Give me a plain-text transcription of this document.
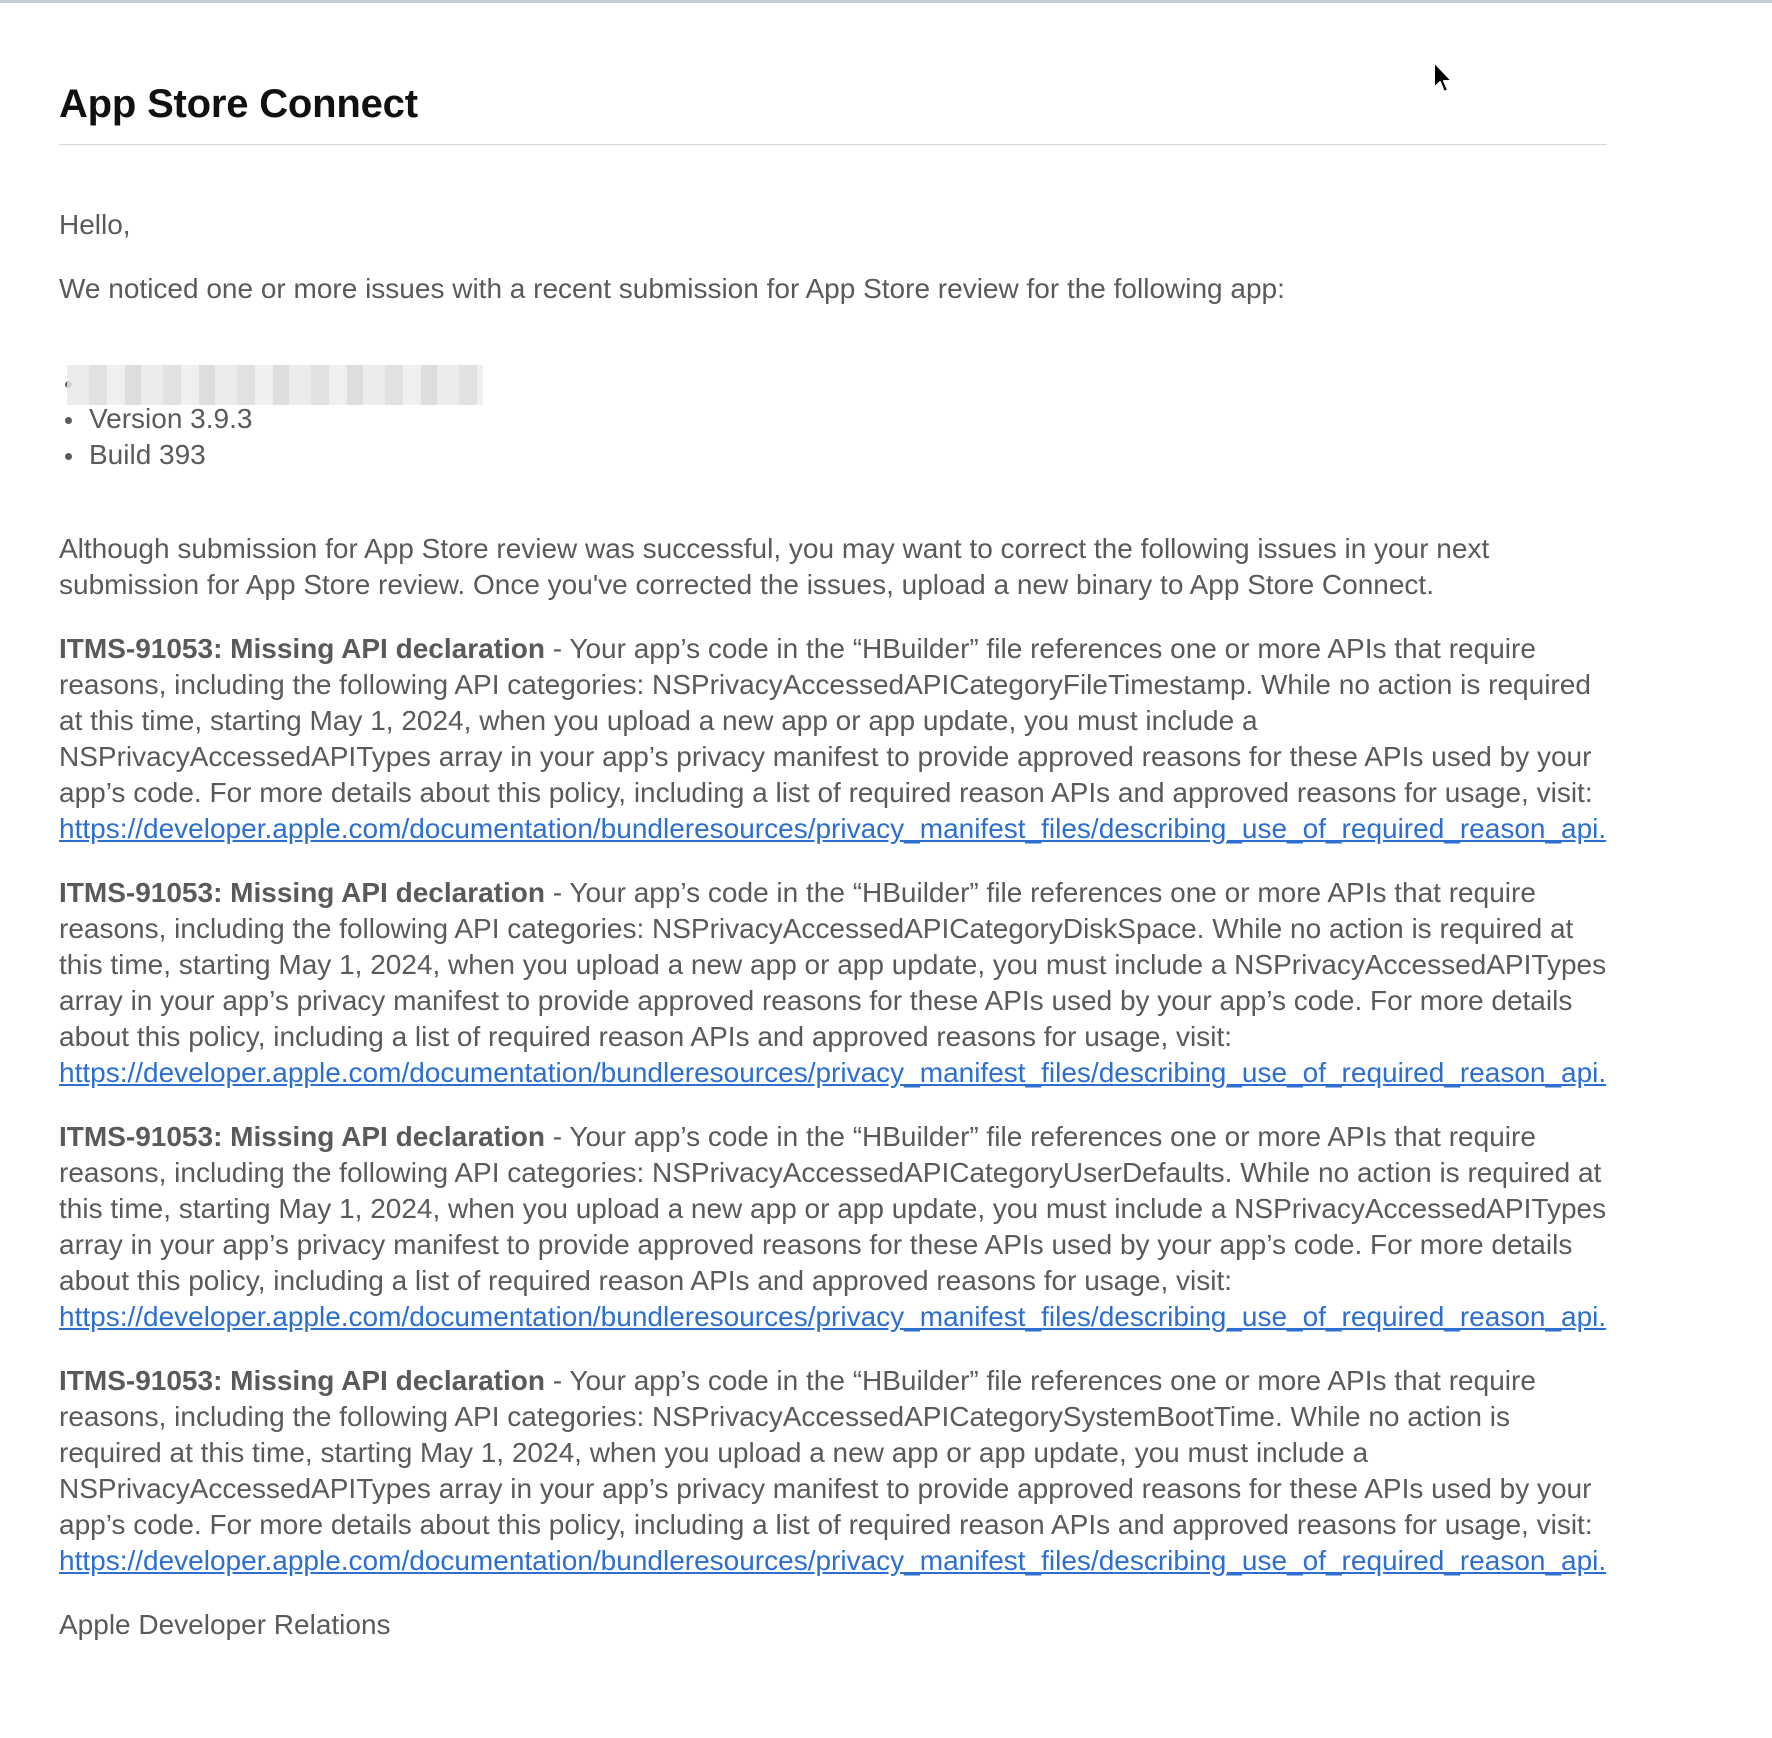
App Store Connect

Hello,

We noticed one or more issues with a recent submission for App Store review for the following app:

Version 3.9.3
Build 393

Although submission for App Store review was successful, you may want to correct the following issues in your next submission for App Store review. Once you've corrected the issues, upload a new binary to App Store Connect.

ITMS-91053: Missing API declaration - Your app’s code in the “HBuilder” file references one or more APIs that require reasons, including the following API categories: NSPrivacyAccessedAPICategoryFileTimestamp. While no action is required at this time, starting May 1, 2024, when you upload a new app or app update, you must include a NSPrivacyAccessedAPITypes array in your app’s privacy manifest to provide approved reasons for these APIs used by your app’s code. For more details about this policy, including a list of required reason APIs and approved reasons for usage, visit: https://developer.apple.com/documentation/bundleresources/privacy_manifest_files/describing_use_of_required_reason_api.

ITMS-91053: Missing API declaration - Your app’s code in the “HBuilder” file references one or more APIs that require reasons, including the following API categories: NSPrivacyAccessedAPICategoryDiskSpace. While no action is required at this time, starting May 1, 2024, when you upload a new app or app update, you must include a NSPrivacyAccessedAPITypes array in your app’s privacy manifest to provide approved reasons for these APIs used by your app’s code. For more details about this policy, including a list of required reason APIs and approved reasons for usage, visit: https://developer.apple.com/documentation/bundleresources/privacy_manifest_files/describing_use_of_required_reason_api.

ITMS-91053: Missing API declaration - Your app’s code in the “HBuilder” file references one or more APIs that require reasons, including the following API categories: NSPrivacyAccessedAPICategoryUserDefaults. While no action is required at this time, starting May 1, 2024, when you upload a new app or app update, you must include a NSPrivacyAccessedAPITypes array in your app’s privacy manifest to provide approved reasons for these APIs used by your app’s code. For more details about this policy, including a list of required reason APIs and approved reasons for usage, visit: https://developer.apple.com/documentation/bundleresources/privacy_manifest_files/describing_use_of_required_reason_api.

ITMS-91053: Missing API declaration - Your app’s code in the “HBuilder” file references one or more APIs that require reasons, including the following API categories: NSPrivacyAccessedAPICategorySystemBootTime. While no action is required at this time, starting May 1, 2024, when you upload a new app or app update, you must include a NSPrivacyAccessedAPITypes array in your app’s privacy manifest to provide approved reasons for these APIs used by your app’s code. For more details about this policy, including a list of required reason APIs and approved reasons for usage, visit: https://developer.apple.com/documentation/bundleresources/privacy_manifest_files/describing_use_of_required_reason_api.

Apple Developer Relations
